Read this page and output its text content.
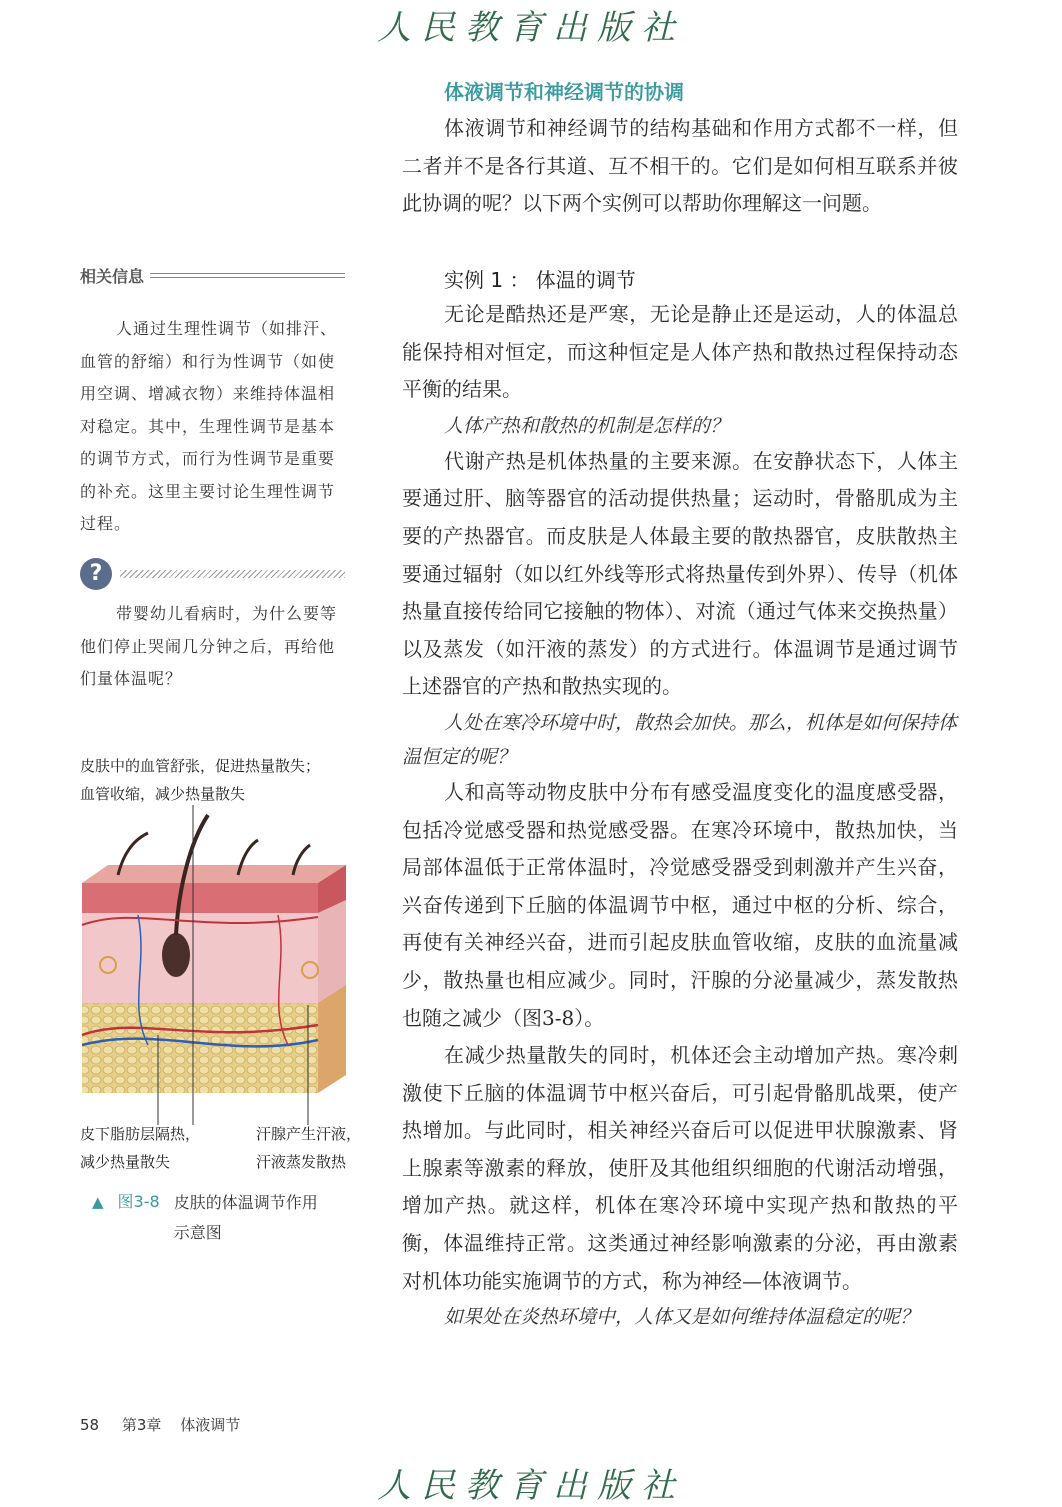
人民教育出版社
体液调节和神经调节的协调

体液调节和神经调节的结构基础和作用方式都不一样，但二者并不是各行其道、互不相干的。它们是如何相互联系并彼此协调的呢？以下两个实例可以帮助你理解这一问题。

实例 1 ： 体温的调节

无论是酷热还是严寒，无论是静止还是运动，人的体温总能保持相对恒定，而这种恒定是人体产热和散热过程保持动态平衡的结果。

人体产热和散热的机制是怎样的？

代谢产热是机体热量的主要来源。在安静状态下，人体主要通过肝、脑等器官的活动提供热量；运动时，骨骼肌成为主要的产热器官。而皮肤是人体最主要的散热器官，皮肤散热主要通过辐射（如以红外线等形式将热量传到外界）、传导（机体热量直接传给同它接触的物体）、对流（通过气体来交换热量）以及蒸发（如汗液的蒸发）的方式进行。体温调节是通过调节上述器官的产热和散热实现的。

人处在寒冷环境中时，散热会加快。那么，机体是如何保持体温恒定的呢？

人和高等动物皮肤中分布有感受温度变化的温度感受器，包括冷觉感受器和热觉感受器。在寒冷环境中，散热加快，当局部体温低于正常体温时，冷觉感受器受到刺激并产生兴奋，兴奋传递到下丘脑的体温调节中枢，通过中枢的分析、综合，再使有关神经兴奋，进而引起皮肤血管收缩，皮肤的血流量减少，散热量也相应减少。同时，汗腺的分泌量减少，蒸发散热也随之减少（图3-8）。

在减少热量散失的同时，机体还会主动增加产热。寒冷刺激使下丘脑的体温调节中枢兴奋后，可引起骨骼肌战栗，使产热增加。与此同时，相关神经兴奋后可以促进甲状腺激素、肾上腺素等激素的释放，使肝及其他组织细胞的代谢活动增强，增加产热。就这样，机体在寒冷环境中实现产热和散热的平衡，体温维持正常。这类通过神经影响激素的分泌，再由激素对机体功能实施调节的方式，称为神经—体液调节。

如果处在炎热环境中，人体又是如何维持体温稳定的呢？

相关信息

人通过生理性调节（如排汗、血管的舒缩）和行为性调节（如使用空调、增减衣物）来维持体温相对稳定。其中，生理性调节是基本的调节方式，而行为性调节是重要的补充。这里主要讨论生理性调节过程。

?

带婴幼儿看病时，为什么要等他们停止哭闹几分钟之后，再给他们量体温呢？

皮肤中的血管舒张，促进热量散失；
血管收缩，减少热量散失
皮下脂肪层隔热，
减少热量散失
汗腺产生汗液，
汗液蒸发散热
▲ 图3-8 皮肤的体温调节作用
示意图
58 第3章 体液调节
人民教育出版社
